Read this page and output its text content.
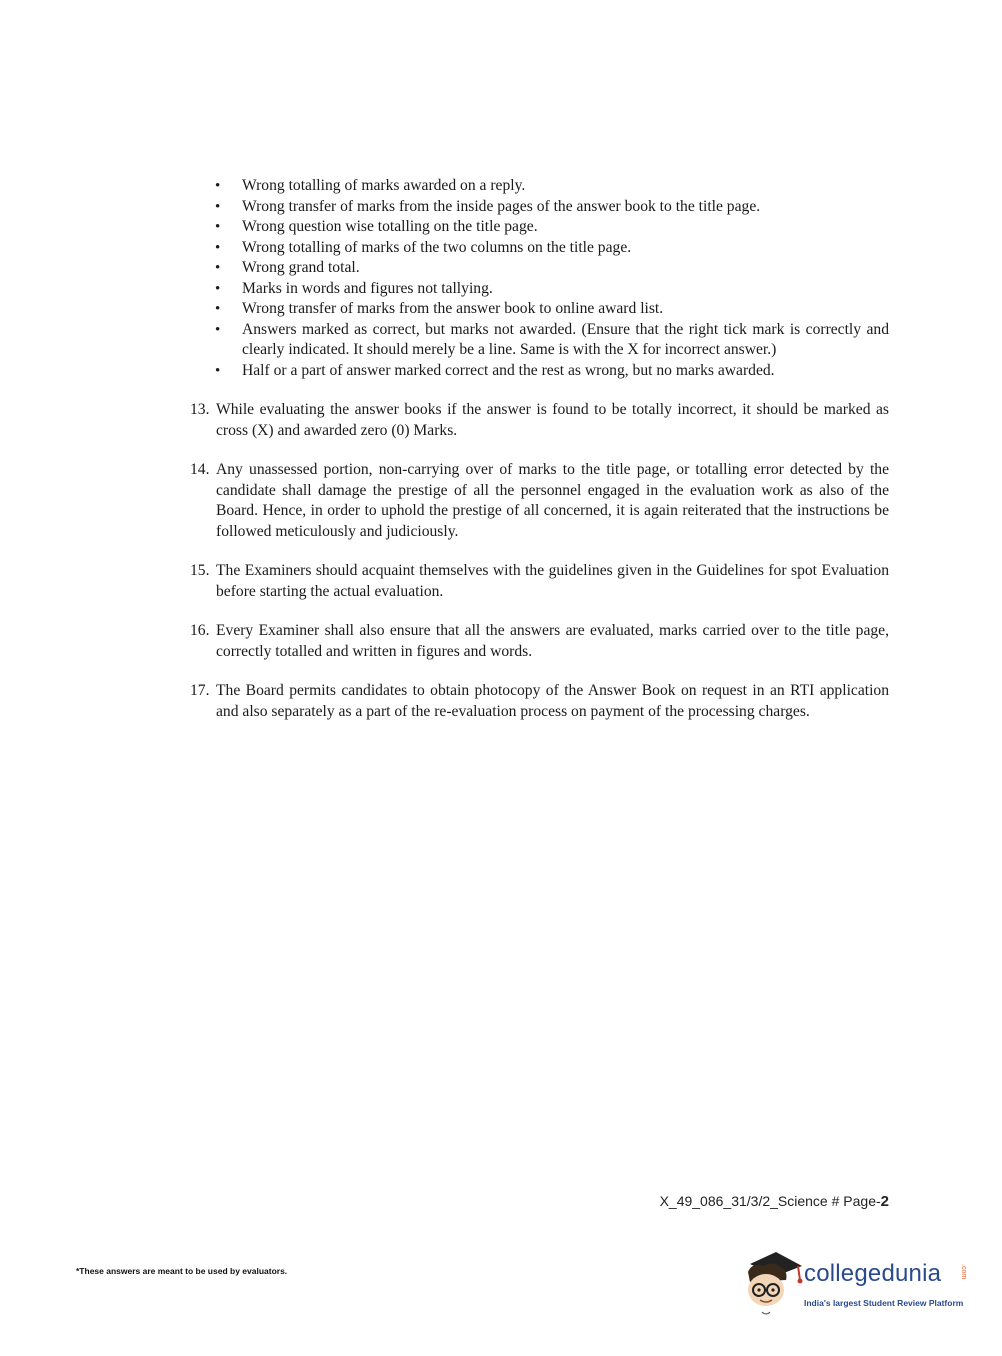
• Wrong totalling of marks awarded on a reply.
• Wrong transfer of marks from the inside pages of the answer book to the title page.
• Wrong question wise totalling on the title page.
• Wrong totalling of marks of the two columns on the title page.
• Wrong grand total.
• Marks in words and figures not tallying.
• Wrong transfer of marks from the answer book to online award list.
• Answers marked as correct, but marks not awarded. (Ensure that the right tick mark is correctly and clearly indicated. It should merely be a line. Same is with the X for incorrect answer.)
• Half or a part of answer marked correct and the rest as wrong, but no marks awarded.
13. While evaluating the answer books if the answer is found to be totally incorrect, it should be marked as cross (X) and awarded zero (0) Marks.
14. Any unassessed portion, non-carrying over of marks to the title page, or totalling error detected by the candidate shall damage the prestige of all the personnel engaged in the evaluation work as also of the Board. Hence, in order to uphold the prestige of all concerned, it is again reiterated that the instructions be followed meticulously and judiciously.
15. The Examiners should acquaint themselves with the guidelines given in the Guidelines for spot Evaluation before starting the actual evaluation.
16. Every Examiner shall also ensure that all the answers are evaluated, marks carried over to the title page, correctly totalled and written in figures and words.
17. The Board permits candidates to obtain photocopy of the Answer Book on request in an RTI application and also separately as a part of the re-evaluation process on payment of the processing charges.
X_49_086_31/3/2_Science # Page-2
*These answers are meant to be used by evaluators.	collegedunia	.com
India's largest Student Review Platform
